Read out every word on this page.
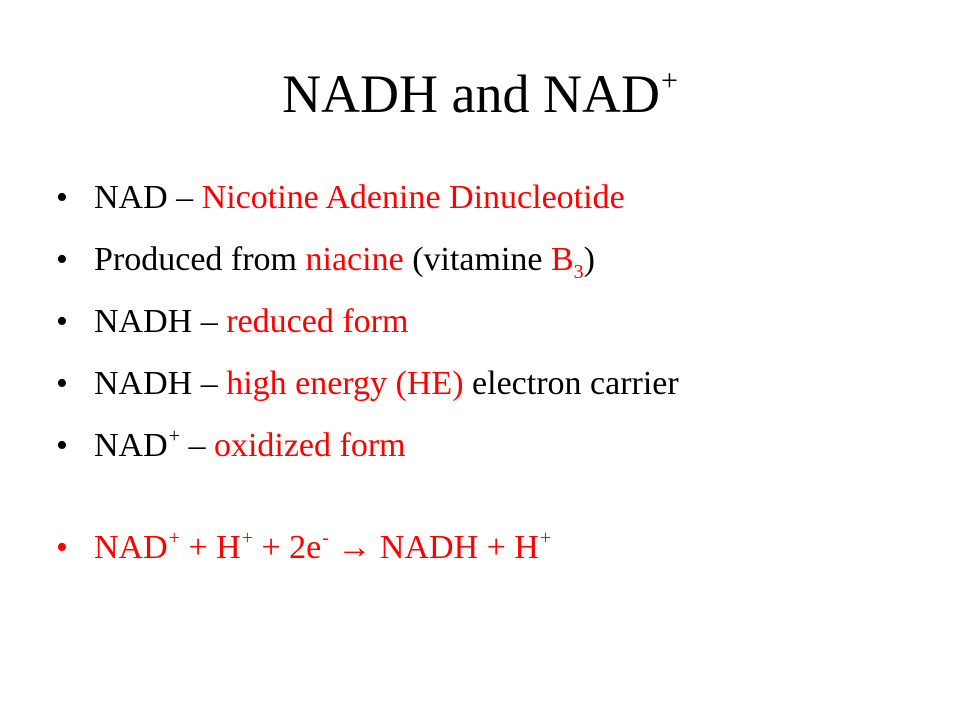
NADH and NAD+
• NAD – Nicotine Adenine Dinucleotide
• Produced from niacine (vitamine $B_3$)
• NADH – reduced form
• NADH – high energy (HE) electron carrier
• NAD+ – oxidized form
• NAD+ + H+ + 2e- → NADH + H+
